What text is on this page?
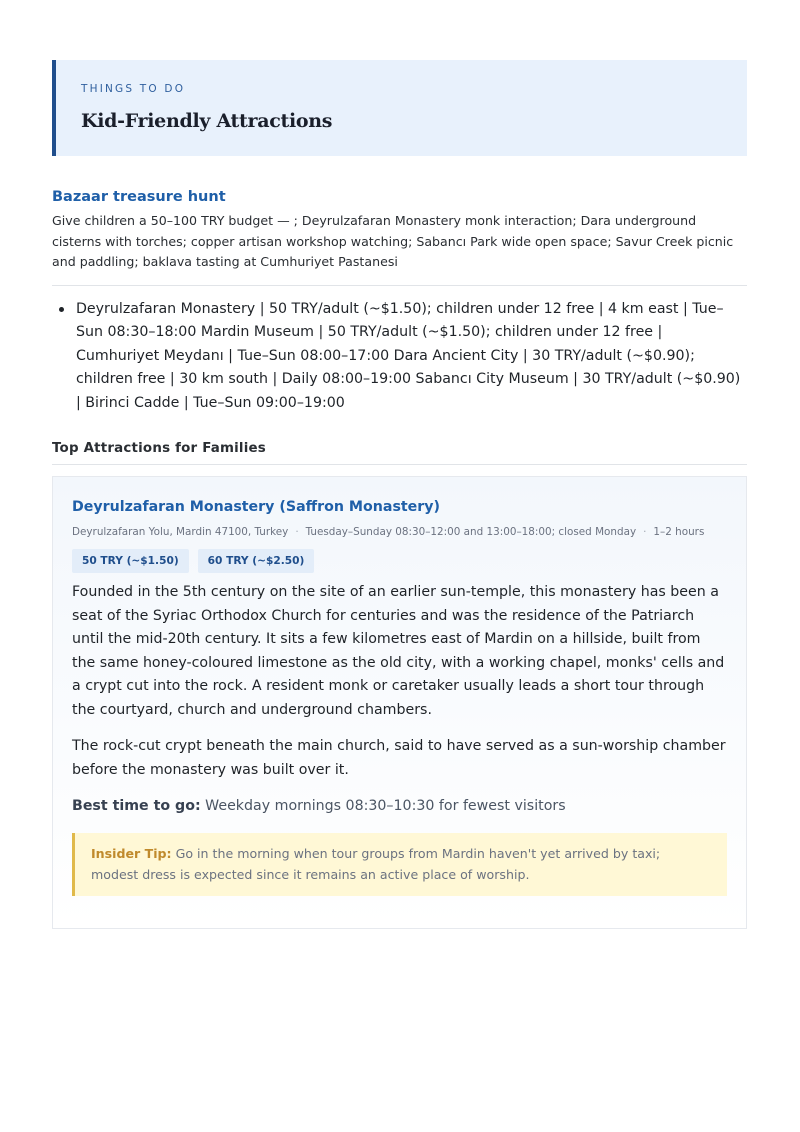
THINGS TO DO

Kid-Friendly Attractions
Bazaar treasure hunt

Give children a 50–100 TRY budget — ; Deyrulzafaran Monastery monk interaction; Dara underground cisterns with torches; copper artisan workshop watching; Sabancı Park wide open space; Savur Creek picnic and paddling; baklava tasting at Cumhuriyet Pastanesi

Deyrulzafaran Monastery | 50 TRY/adult (~$1.50); children under 12 free | 4 km east | Tue–Sun 08:30–18:00 Mardin Museum | 50 TRY/adult (~$1.50); children under 12 free | Cumhuriyet Meydanı | Tue–Sun 08:00–17:00 Dara Ancient City | 30 TRY/adult (~$0.90); children free | 30 km south | Daily 08:00–19:00 Sabancı City Museum | 30 TRY/adult (~$0.90) | Birinci Cadde | Tue–Sun 09:00–19:00
Top Attractions for Families
Deyrulzafaran Monastery (Saffron Monastery)
Deyrulzafaran Yolu, Mardin 47100, Turkey · Tuesday–Sunday 08:30–12:00 and 13:00–18:00; closed Monday · 1–2 hours
50 TRY (~$1.50)	60 TRY (~$2.50)

Founded in the 5th century on the site of an earlier sun-temple, this monastery has been a seat of the Syriac Orthodox Church for centuries and was the residence of the Patriarch until the mid-20th century. It sits a few kilometres east of Mardin on a hillside, built from the same honey-coloured limestone as the old city, with a working chapel, monks' cells and a crypt cut into the rock. A resident monk or caretaker usually leads a short tour through the courtyard, church and underground chambers.

The rock-cut crypt beneath the main church, said to have served as a sun-worship chamber before the monastery was built over it.

Best time to go: Weekday mornings 08:30–10:30 for fewest visitors
Insider Tip: Go in the morning when tour groups from Mardin haven't yet arrived by taxi; modest dress is expected since it remains an active place of worship.
